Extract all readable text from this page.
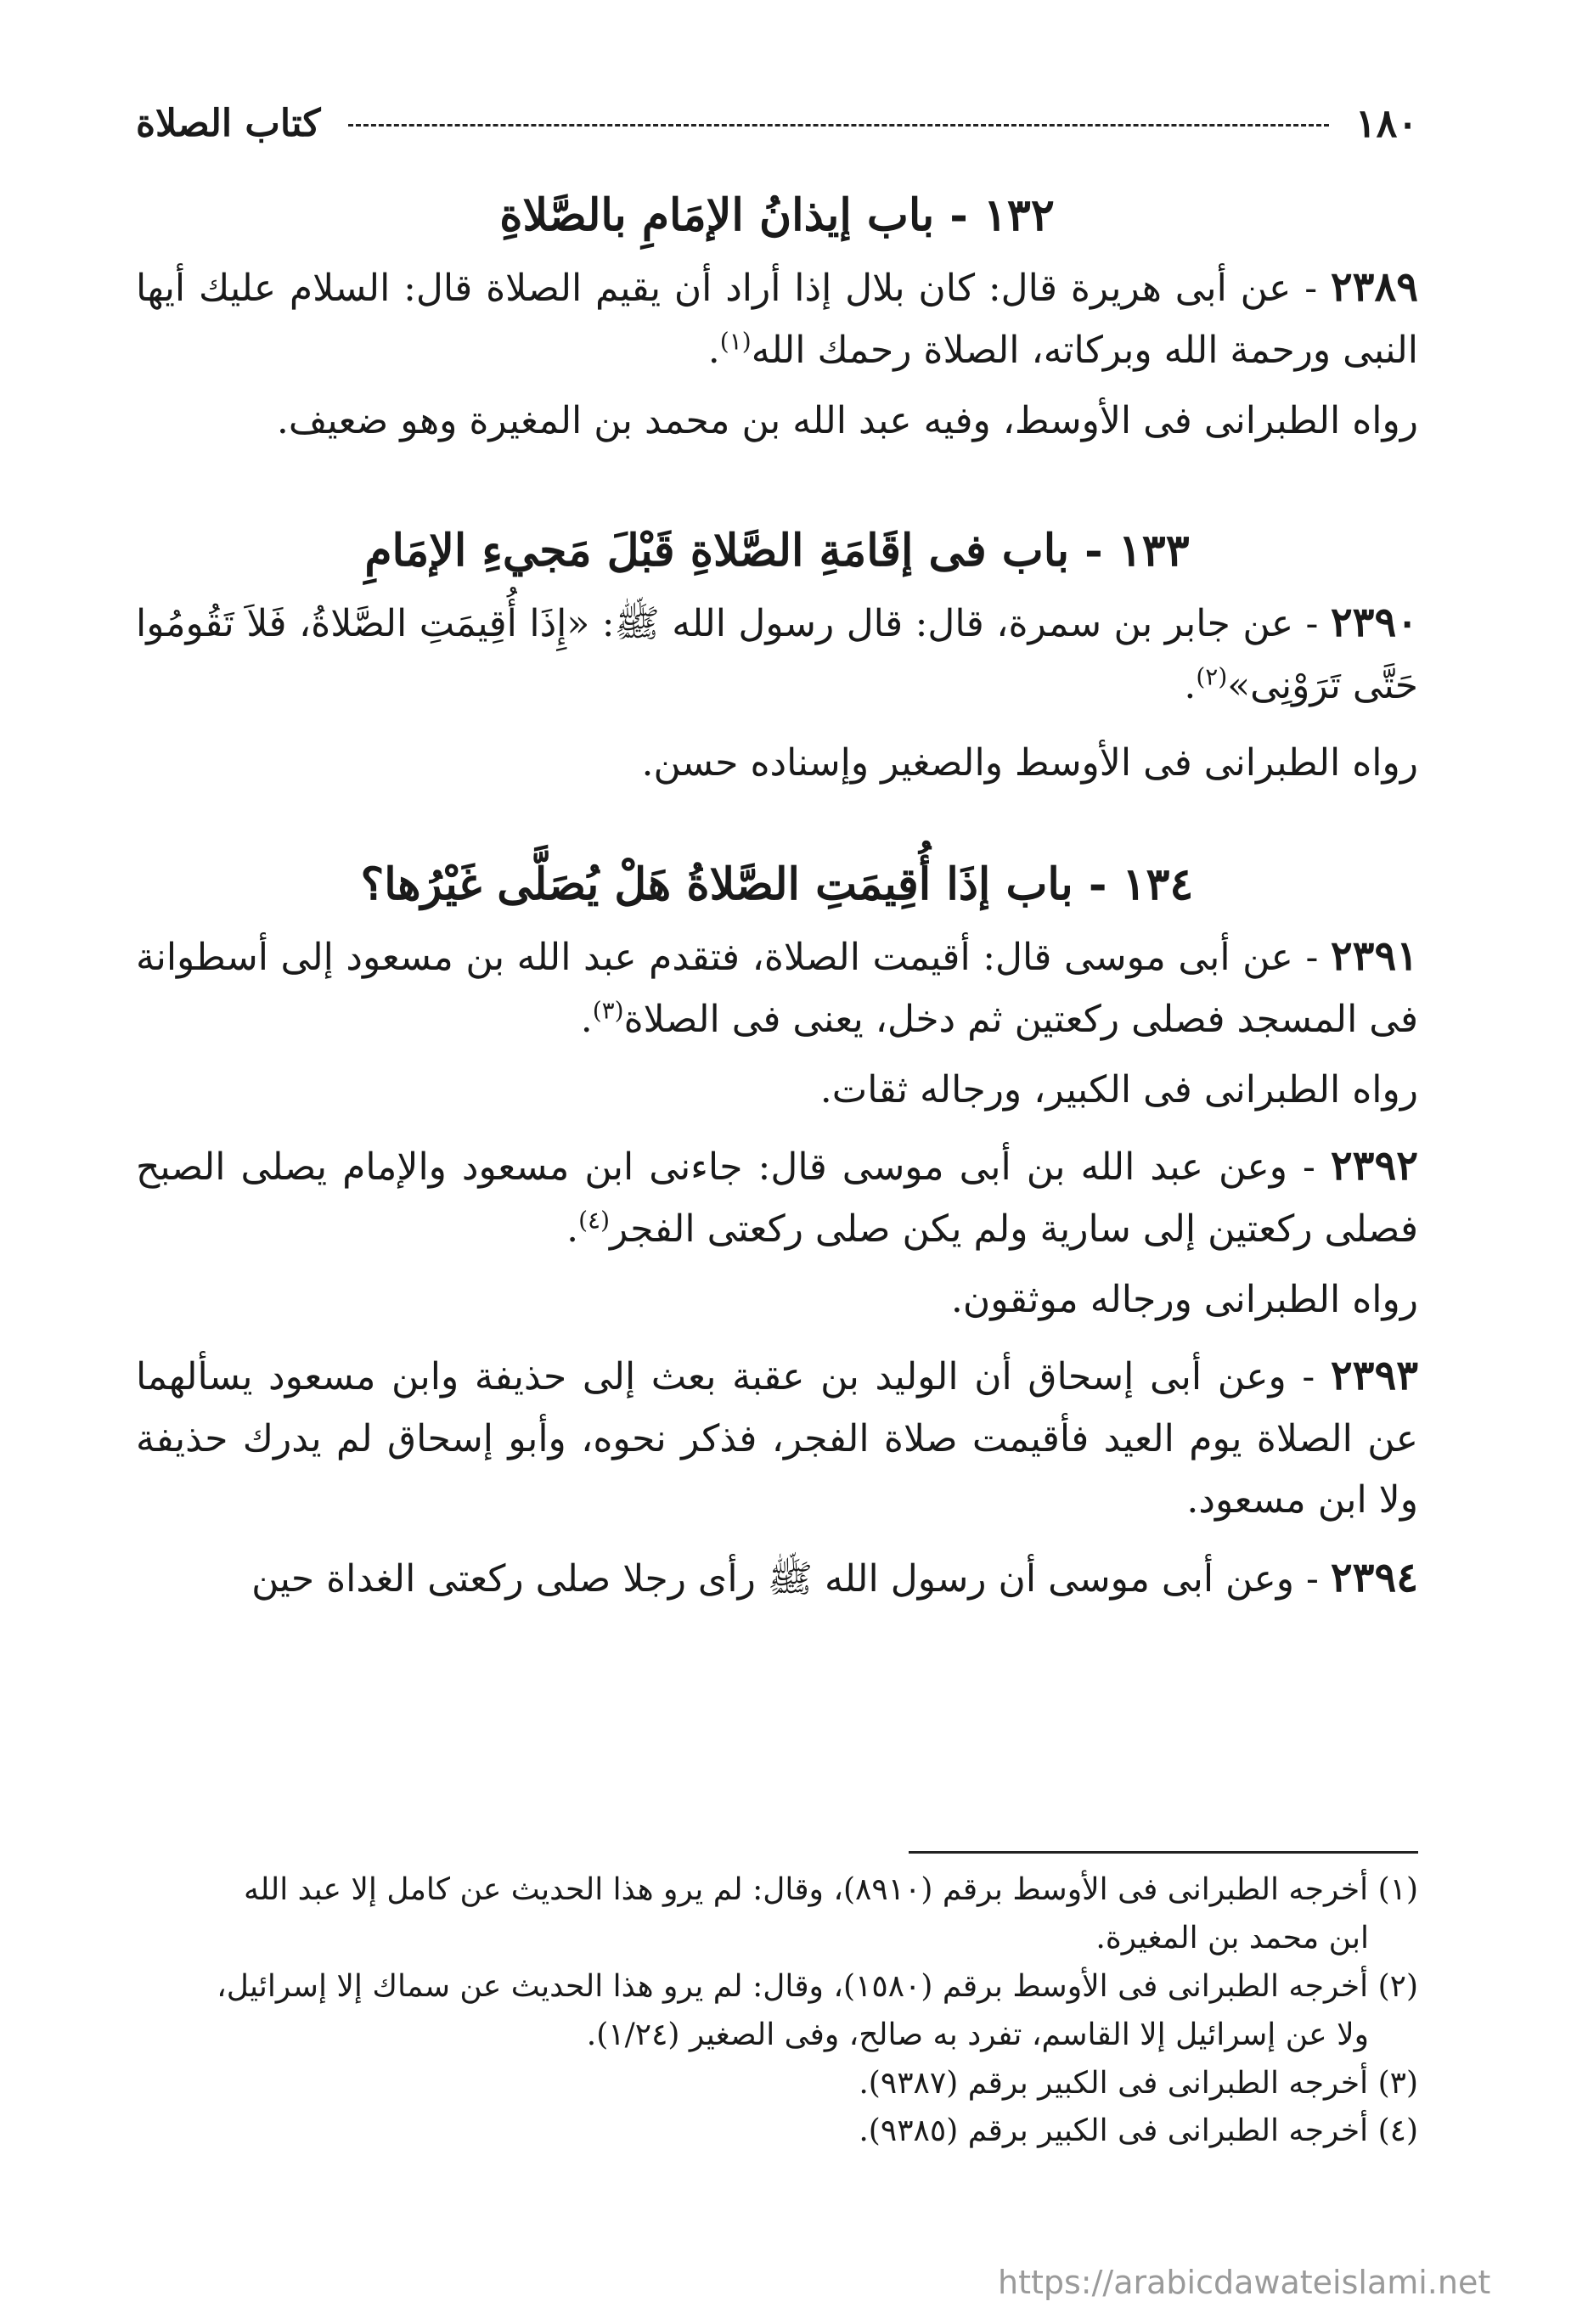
١٨٠
كتاب الصلاة
١٣٢ - باب إيذانُ الإمَامِ بالصَّلاةِ
٢٣٨٩ - عن أبى هريرة قال: كان بلال إذا أراد أن يقيم الصلاة قال: السلام عليك أيها النبى ورحمة الله وبركاته، الصلاة رحمك الله$^{(١)}$.
رواه الطبرانى فى الأوسط، وفيه عبد الله بن محمد بن المغيرة وهو ضعيف.
١٣٣ - باب فى إقَامَةِ الصَّلاةِ قَبْلَ مَجيءِ الإمَامِ
٢٣٩٠ - عن جابر بن سمرة، قال: قال رسول الله ﷺ: «إِذَا أُقِيمَتِ الصَّلاةُ، فَلاَ تَقُومُوا حَتَّى تَرَوْنِى»$^{(٢)}$.
رواه الطبرانى فى الأوسط والصغير وإسناده حسن.
١٣٤ - باب إذَا أُقِيمَتِ الصَّلاةُ هَلْ يُصَلَّى غَيْرُها؟
٢٣٩١ - عن أبى موسى قال: أقيمت الصلاة، فتقدم عبد الله بن مسعود إلى أسطوانة فى المسجد فصلى ركعتين ثم دخل، يعنى فى الصلاة$^{(٣)}$.
رواه الطبرانى فى الكبير، ورجاله ثقات.
٢٣٩٢ - وعن عبد الله بن أبى موسى قال: جاءنى ابن مسعود والإمام يصلى الصبح فصلى ركعتين إلى سارية ولم يكن صلى ركعتى الفجر$^{(٤)}$.
رواه الطبرانى ورجاله موثقون.
٢٣٩٣ - وعن أبى إسحاق أن الوليد بن عقبة بعث إلى حذيفة وابن مسعود يسألهما عن الصلاة يوم العيد فأقيمت صلاة الفجر، فذكر نحوه، وأبو إسحاق لم يدرك حذيفة ولا ابن مسعود.
٢٣٩٤ - وعن أبى موسى أن رسول الله ﷺ رأى رجلا صلى ركعتى الغداة حين
(١) أخرجه الطبرانى فى الأوسط برقم (٨٩١٠)، وقال: لم يرو هذا الحديث عن كامل إلا عبد الله
ابن محمد بن المغيرة.
(٢) أخرجه الطبرانى فى الأوسط برقم (١٥٨٠)، وقال: لم يرو هذا الحديث عن سماك إلا إسرائيل،
ولا عن إسرائيل إلا القاسم، تفرد به صالح، وفى الصغير (١/٢٤).
(٣) أخرجه الطبرانى فى الكبير برقم (٩٣٨٧).
(٤) أخرجه الطبرانى فى الكبير برقم (٩٣٨٥).
https://arabicdawateislami.net
